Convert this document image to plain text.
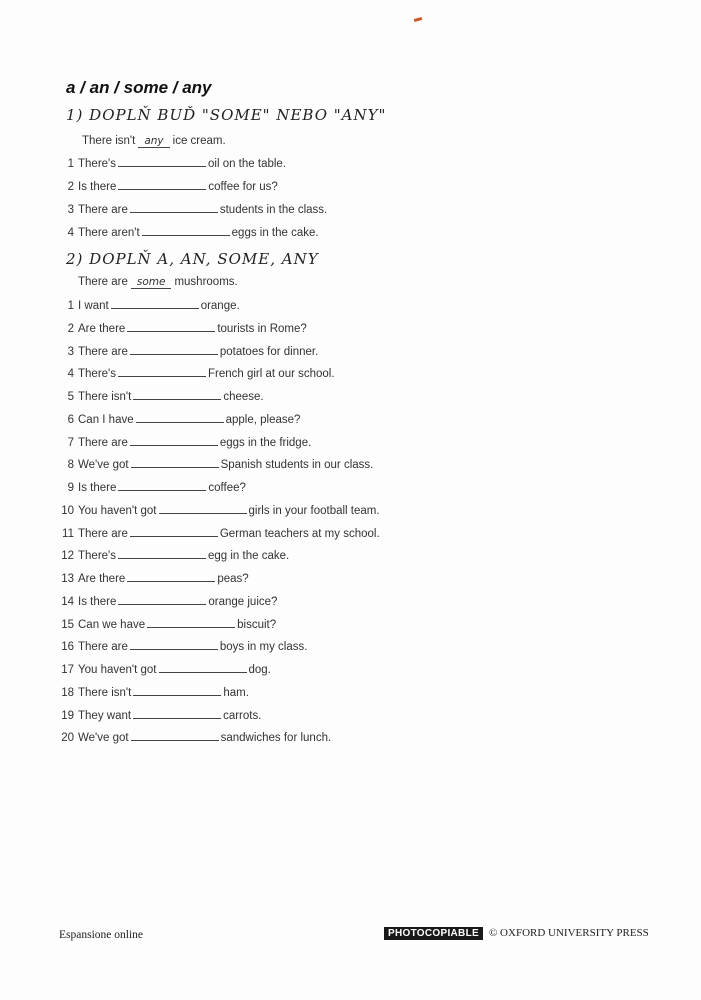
a / an / some / any
1) DOPLŇ BUĎ "SOME" NEBO "ANY"
There isn't any ice cream.
1 There's	oil on the table.
2 Is there	coffee for us?
3 There are	students in the class.
4 There aren't	eggs in the cake.
2) DOPLŇ A, AN, SOME, ANY
There are some mushrooms.
1 I want	orange.
2 Are there	tourists in Rome?
3 There are	potatoes for dinner.
4 There's	French girl at our school.
5 There isn't	cheese.
6 Can I have	apple, please?
7 There are	eggs in the fridge.
8 We've got	Spanish students in our class.
9 Is there	coffee?
10 You haven't got	girls in your football team.
11 There are	German teachers at my school.
12 There's	egg in the cake.
13 Are there	peas?
14 Is there	orange juice?
15 Can we have	biscuit?
16 There are	boys in my class.
17 You haven't got	dog.
18 There isn't	ham.
19 They want	carrots.
20 We've got	sandwiches for lunch.
Espansione online	PHOTOCOPIABLE © OXFORD UNIVERSITY PRESS
